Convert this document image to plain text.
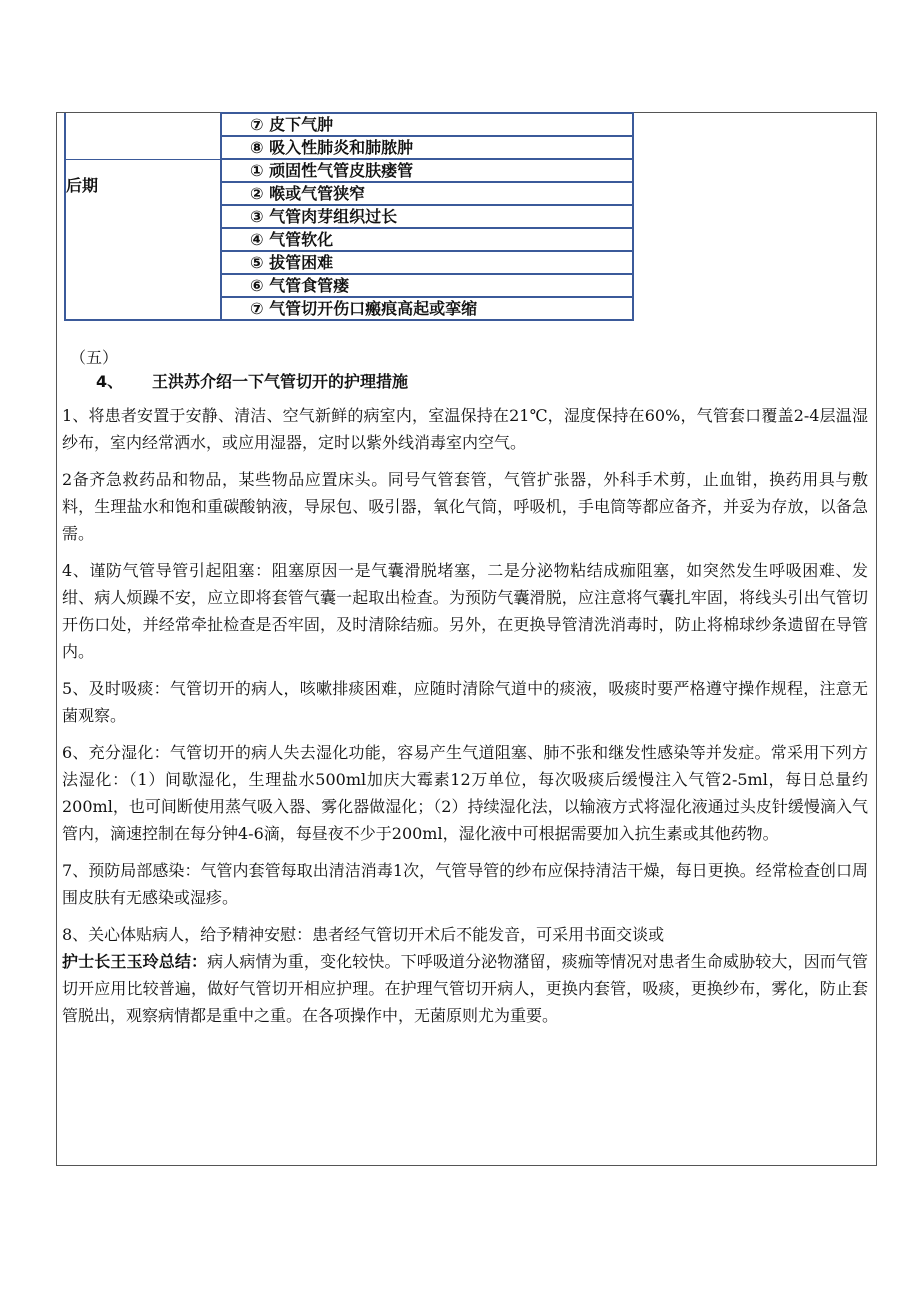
	⑦ 皮下气肿
	⑧ 吸入性肺炎和肺脓肿
后期	① 顽固性气管皮肤瘘管
	② 喉或气管狭窄
	③ 气管肉芽组织过长
	④ 气管软化
	⑤ 拔管困难
	⑥ 气管食管瘘
	⑦ 气管切开伤口瘢痕高起或挛缩
（五）
4、 王洪苏介绍一下气管切开的护理措施

1、将患者安置于安静、清洁、空气新鲜的病室内，室温保持在21℃，湿度保持在60%，气管套口覆盖2-4层温湿纱布，室内经常洒水，或应用湿器，定时以紫外线消毒室内空气。

2备齐急救药品和物品，某些物品应置床头。同号气管套管，气管扩张器，外科手术剪，止血钳，换药用具与敷料，生理盐水和饱和重碳酸钠液，导尿包、吸引器，氧化气筒，呼吸机，手电筒等都应备齐，并妥为存放，以备急需。

4、谨防气管导管引起阻塞：阻塞原因一是气囊滑脱堵塞，二是分泌物粘结成痂阻塞，如突然发生呼吸困难、发绀、病人烦躁不安，应立即将套管气囊一起取出检查。为预防气囊滑脱，应注意将气囊扎牢固，将线头引出气管切开伤口处，并经常牵扯检查是否牢固，及时清除结痂。另外，在更换导管清洗消毒时，防止将棉球纱条遗留在导管内。

5、及时吸痰：气管切开的病人，咳嗽排痰困难，应随时清除气道中的痰液，吸痰时要严格遵守操作规程，注意无菌观察。

6、充分湿化：气管切开的病人失去湿化功能，容易产生气道阻塞、肺不张和继发性感染等并发症。常采用下列方法湿化：（1）间歇湿化，生理盐水500ml加庆大霉素12万单位，每次吸痰后缓慢注入气管2-5ml，每日总量约200ml，也可间断使用蒸气吸入器、雾化器做湿化；（2）持续湿化法，以输液方式将湿化液通过头皮针缓慢滴入气管内，滴速控制在每分钟4-6滴，每昼夜不少于200ml，湿化液中可根据需要加入抗生素或其他药物。

7、预防局部感染：气管内套管每取出清洁消毒1次，气管导管的纱布应保持清洁干燥，每日更换。经常检查创口周围皮肤有无感染或湿疹。

8、关心体贴病人，给予精神安慰：患者经气管切开术后不能发音，可采用书面交谈或

护士长王玉玲总结：病人病情为重，变化较快。下呼吸道分泌物潴留，痰痂等情况对患者生命威胁较大，因而气管切开应用比较普遍，做好气管切开相应护理。在护理气管切开病人，更换内套管，吸痰，更换纱布，雾化，防止套管脱出，观察病情都是重中之重。在各项操作中，无菌原则尤为重要。
